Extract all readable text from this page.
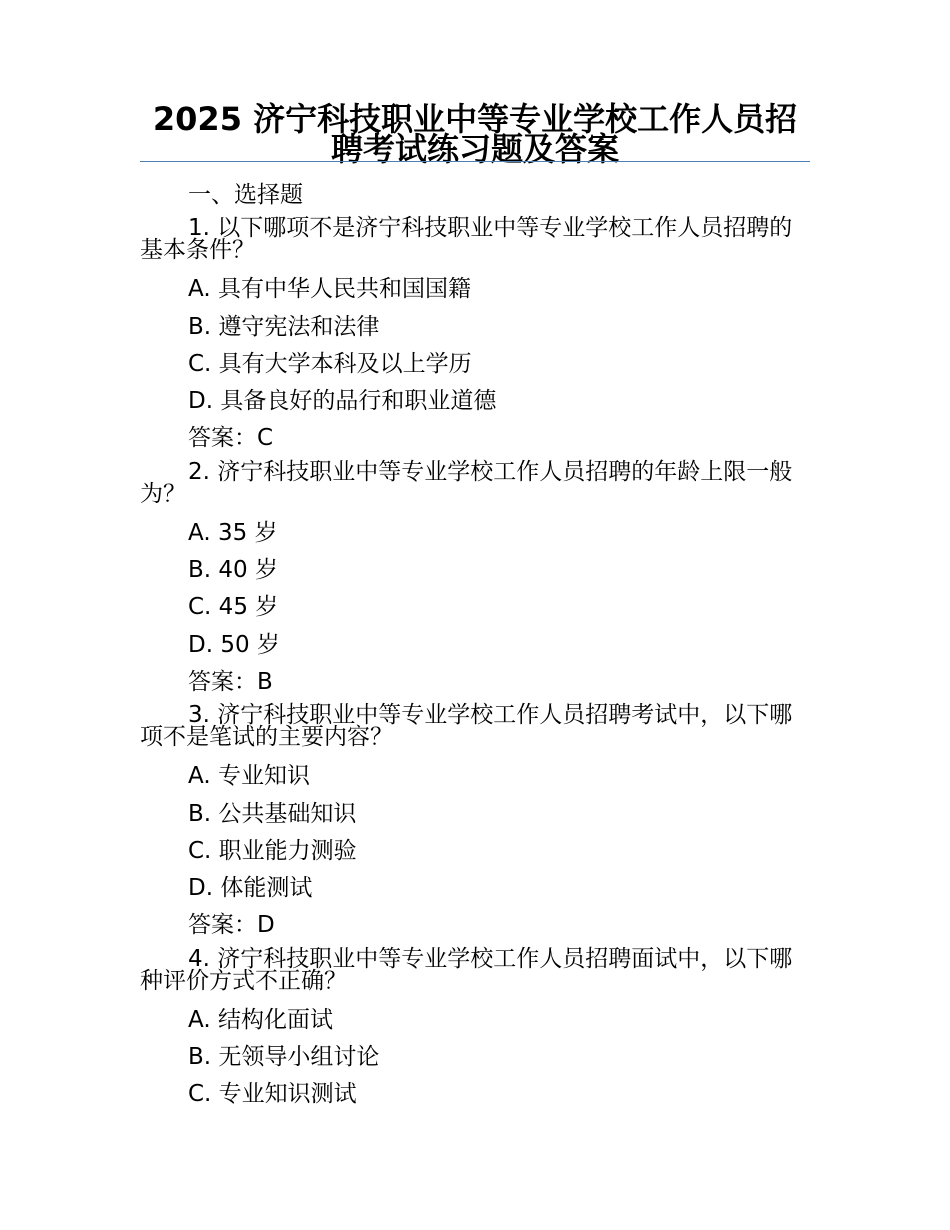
2025 济宁科技职业中等专业学校工作人员招聘考试练习题及答案
一、选择题
1. 以下哪项不是济宁科技职业中等专业学校工作人员招聘的基本条件？
A. 具有中华人民共和国国籍
B. 遵守宪法和法律
C. 具有大学本科及以上学历
D. 具备良好的品行和职业道德
答案：C
2. 济宁科技职业中等专业学校工作人员招聘的年龄上限一般为？
A. 35 岁
B. 40 岁
C. 45 岁
D. 50 岁
答案：B
3. 济宁科技职业中等专业学校工作人员招聘考试中，以下哪项不是笔试的主要内容？
A. 专业知识
B. 公共基础知识
C. 职业能力测验
D. 体能测试
答案：D
4. 济宁科技职业中等专业学校工作人员招聘面试中，以下哪种评价方式不正确？
A. 结构化面试
B. 无领导小组讨论
C. 专业知识测试
